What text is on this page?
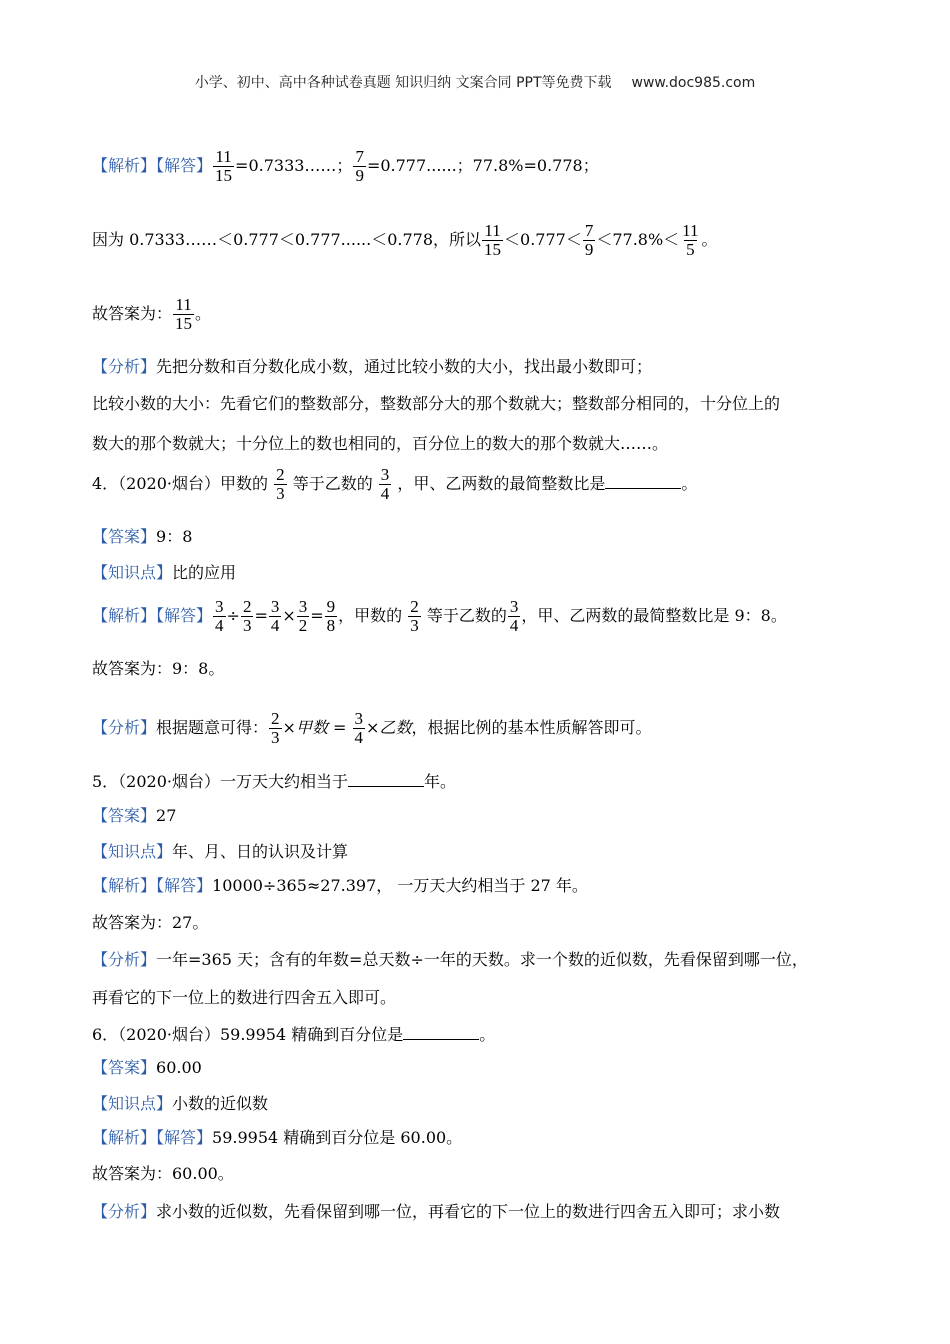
小学、初中、高中各种试卷真题 知识归纳 文案合同 PPT等免费下载 www.doc985.com
【解析】【解答】 $\frac{11}{15}$ =0.7333……； $\frac{7}{9} =0.777$......；77.8%=0.778；
因为 0.7333……＜0.777＜0.777......＜0.778，所以 $\frac{11}{15} <0.777< \frac{7}{9} <77.8\%< \frac{11}{5}$ 。
故答案为： $\frac{11}{15}$ 。
【分析】先把分数和百分数化成小数，通过比较小数的大小，找出最小数即可；
比较小数的大小：先看它们的整数部分，整数部分大的那个数就大；整数部分相同的，十分位上的
数大的那个数就大；十分位上的数也相同的，百分位上的数大的那个数就大……。
4．（2020·烟台）甲数的 $\frac{2}{3}$ 等于乙数的 $\frac{3}{4}$ ，甲、乙两数的最简整数比是	。
【答案】9：8
【知识点】比的应用
【解析】【解答】 $\frac{3}{4} \div \frac{2}{3} = \frac{3}{4} \times \frac{3}{2} = \frac{9}{8}$ ，甲数的 $\frac{2}{3}$ 等于乙数的 $\frac{3}{4}$ ，甲、乙两数的最简整数比是 9：8。
故答案为：9：8。
【分析】根据题意可得： $\frac{2}{3}$ ×甲数 = $\frac{3}{4}$ ×乙数，根据比例的基本性质解答即可。
5．（2020·烟台）一万天大约相当于	年。
【答案】27
【知识点】年、月、日的认识及计算
【解析】【解答】10000÷365≈27.397， 一万天大约相当于 27 年。
故答案为：27。
【分析】一年=365 天；含有的年数=总天数÷一年的天数。求一个数的近似数，先看保留到哪一位，
再看它的下一位上的数进行四舍五入即可。
6．（2020·烟台）59.9954 精确到百分位是	。
【答案】60.00
【知识点】小数的近似数
【解析】【解答】59.9954 精确到百分位是 60.00。
故答案为：60.00。
【分析】求小数的近似数，先看保留到哪一位，再看它的下一位上的数进行四舍五入即可；求小数
